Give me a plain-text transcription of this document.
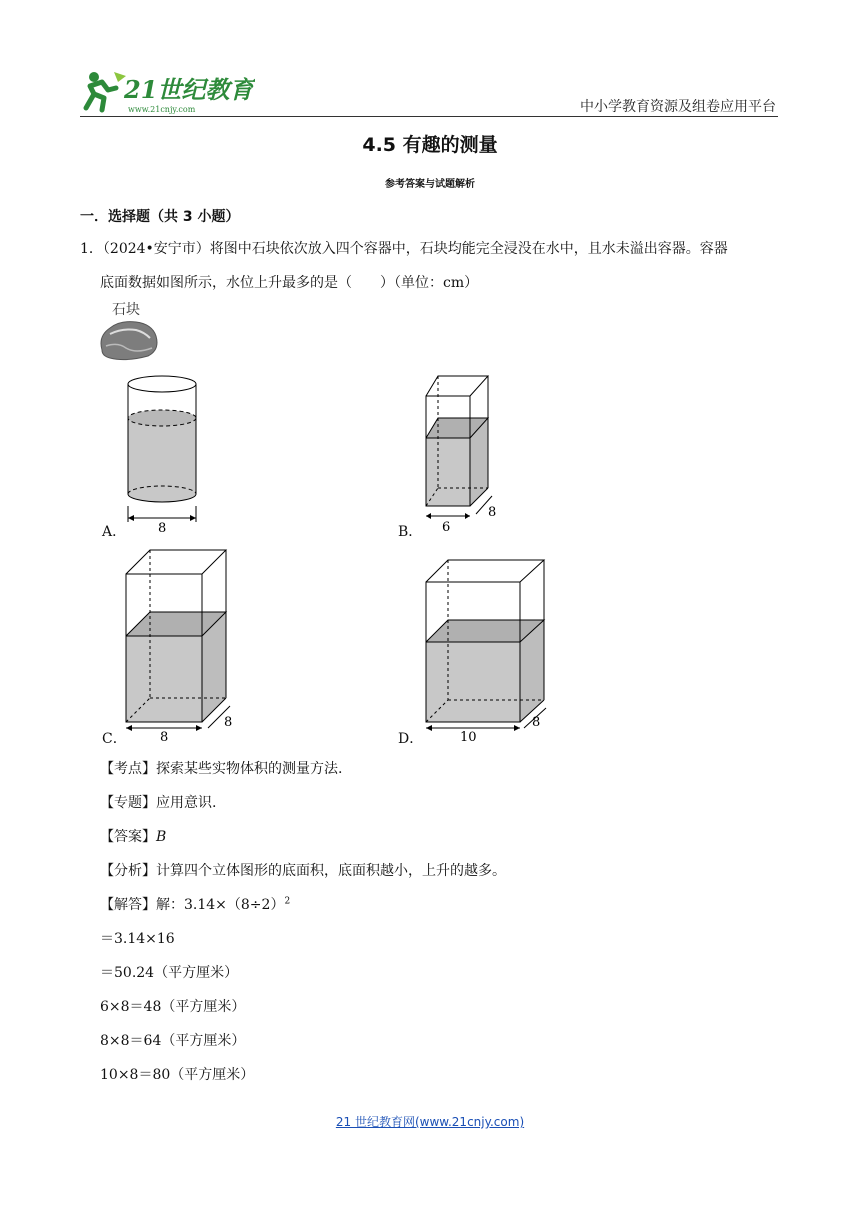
21世纪教育
www.21cnjy.com	中小学教育资源及组卷应用平台
4.5 有趣的测量
参考答案与试题解析
一．选择题（共 3 小题）
1．（2024•安宁市）将图中石块依次放入四个容器中，石块均能完全浸没在水中，且水未溢出容器。容器
底面数据如图所示，水位上升最多的是（　　）（单位：cm）
石块
8
A．	6
8
B．
8
8
C．	10
8
D．
【考点】探索某些实物体积的测量方法.
【专题】应用意识.
【答案】B
【分析】计算四个立体图形的底面积，底面积越小，上升的越多。
【解答】解：$3.14\times(8\div 2)^2$
＝3.14×16
＝50.24（平方厘米）
6×8＝48（平方厘米）
8×8＝64（平方厘米）
10×8＝80（平方厘米）
21 世纪教育网(www.21cnjy.com)
